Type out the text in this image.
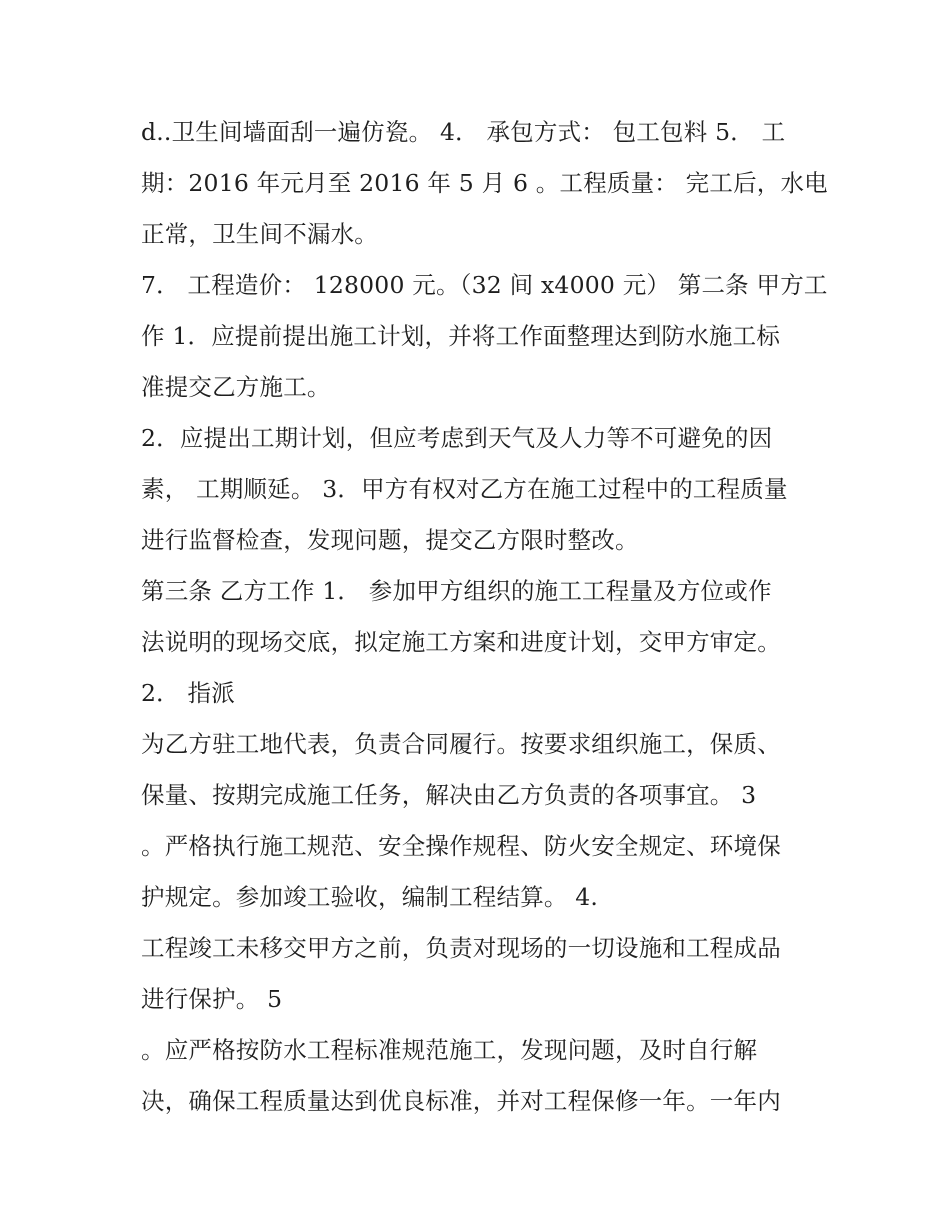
d..卫生间墙面刮一遍仿瓷。 4． 承包方式： 包工包料 5． 工
期：2016 年元月至 2016 年 5 月 6 。工程质量： 完工后，水电
正常，卫生间不漏水。
7． 工程造价： 128000 元。（32 间 x4000 元） 第二条 甲方工
作 1．应提前提出施工计划，并将工作面整理达到防水施工标
准提交乙方施工。
2．应提出工期计划，但应考虑到天气及人力等不可避免的因
素， 工期顺延。 3．甲方有权对乙方在施工过程中的工程质量
进行监督检查，发现问题，提交乙方限时整改。
第三条 乙方工作 1． 参加甲方组织的施工工程量及方位或作
法说明的现场交底，拟定施工方案和进度计划，交甲方审定。
2． 指派
为乙方驻工地代表，负责合同履行。按要求组织施工，保质、
保量、按期完成施工任务，解决由乙方负责的各项事宜。 3
。严格执行施工规范、安全操作规程、防火安全规定、环境保
护规定。参加竣工验收，编制工程结算。 4.
工程竣工未移交甲方之前，负责对现场的一切设施和工程成品
进行保护。 5
。应严格按防水工程标准规范施工，发现问题，及时自行解
决，确保工程质量达到优良标准，并对工程保修一年。一年内
